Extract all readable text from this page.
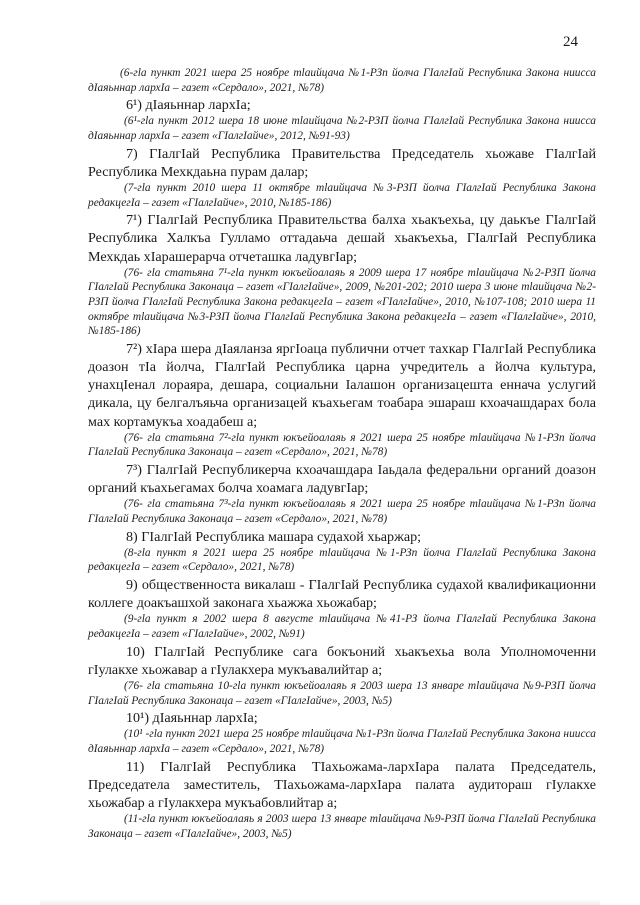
24

(6-гlа пункт 2021 шера 25 ноябре тlаийцача №1-РЗп йолча ГӀалгӀай Республика Закона ниисса дӀаяьннар лархӀа – газет «Сердало», 2021, №78)

6¹) дӀаяьннар лархӀа;

(6¹-гlа пункт 2012 шера 18 июне тlаийцача №2-РЗП йолча ГӀалгӀай Республика Закона ниисса дӀаяьннар лархӀа – газет «ГӀалгӀайче», 2012, №91-93)

7) ГӀалгӀай Республика Правительства Председатель хьожаве ГӀалгӀай Республика Мехкдаьна пурам далар;

(7-гlа пункт 2010 шера 11 октябре тlаийцача №3-РЗП йолча ГӀалгӀай Республика Закона редакцегӀа – газет «ГӀалгӀайче», 2010, №185-186)

7¹) ГӀалгӀай Республика Правительства балха хьакъехьа, цу даькъе ГӀалгӀай Республика Халкъа Гулламо оттадаьча дешай хьакъехьа, ГӀалгӀай Республика Мехкдаь хӀарашерарча отчеташка ладувгӀар;

(76- гlа статьяна 7¹-гlа пункт юкъейоалаяь я 2009 шера 17 ноябре тlаийцача №2-РЗП йолча ГӀалгӀай Республика Законаца – газет «ГӀалгӀайче», 2009, №201-202; 2010 шера 3 июне тlаийцача №2-РЗП йолча ГӀалгӀай Республика Закона редакцегӀа – газет «ГӀалгӀайче», 2010, №107-108; 2010 шера 11 октябре тlаийцача №3-РЗП йолча ГӀалгӀай Республика Закона редакцегӀа – газет «ГӀалгӀайче», 2010, №185-186)

7²) хӀара шера дӀаяланза яргӀоаца публични отчет тахкар ГӀалгӀай Республика доазон тӀа йолча, ГӀалгӀай Республика царна учредитель а йолча культура, унахцӀенал лораяра, дешара, социальни Ӏалашон организацешта еннача услугий дикала, цу белгалъяьча организацей къахьегам тоабара эшараш кхоачашдарах бола мах кортамукъа хоадабеш а;

(76- гlа статьяна 7²-гlа пункт юкъейоалаяь я 2021 шера 25 ноябре тlаийцача №1-РЗп йолча ГӀалгӀай Республика Законаца – газет «Сердало», 2021, №78)

7³) ГӀалгӀай Республикерча кхоачашдара Ӏаьдала федеральни органий доазон органий къахьегамах болча хоамага ладувгӀар;

(76- гlа статьяна 7³-гlа пункт юкъейоалаяь я 2021 шера 25 ноябре тlаийцача №1-РЗп йолча ГӀалгӀай Республика Законаца – газет «Сердало», 2021, №78)

8) ГӀалгӀай Республика машара судахой хьаржар;

(8-гlа пункт я 2021 шера 25 ноябре тlаийцача №1-РЗп йолча ГӀалгӀай Республика Закона редакцегӀа – газет «Сердало», 2021, №78)

9) общественноста викалаш - ГӀалгӀай Республика судахой квалификационни коллеге доакъашхой законага хьажжа хьожабар;

(9-гlа пункт я 2002 шера 8 августе тlаийцача №41-РЗ йолча ГӀалгӀай Республика Закона редакцегӀа – газет «ГӀалгӀайче», 2002, №91)

10) ГӀалгӀай Республике сага бокъоний хьакъехьа вола Уполномоченни гӀулакхе хьожавар а гӀулакхера мукъавалийтар а;

(76- гlа статьяна 10-гlа пункт юкъейоалаяь я 2003 шера 13 январе тlаийцача №9-РЗП йолча ГӀалгӀай Республика Законаца – газет «ГӀалгӀайче», 2003, №5)

10¹) дӀаяьннар лархӀа;

(10¹ -гlа пункт 2021 шера 25 ноябре тlаийцача №1-РЗп йолча ГӀалгӀай Республика Закона ниисса дӀаяьннар лархӀа – газет «Сердало», 2021, №78)

11) ГӀалгӀай Республика ТӀахьожама-лархӀара палата Председатель, Председатела заместитель, ТӀахьожама-лархӀара палата аудитораш гӀулакхе хьожабар а гӀулакхера мукъабовлийтар а;

(11-гlа пункт юкъейоалаяь я 2003 шера 13 январе тlаийцача №9-РЗП йолча ГӀалгӀай Республика Законаца – газет «ГӀалгӀайче», 2003, №5)
